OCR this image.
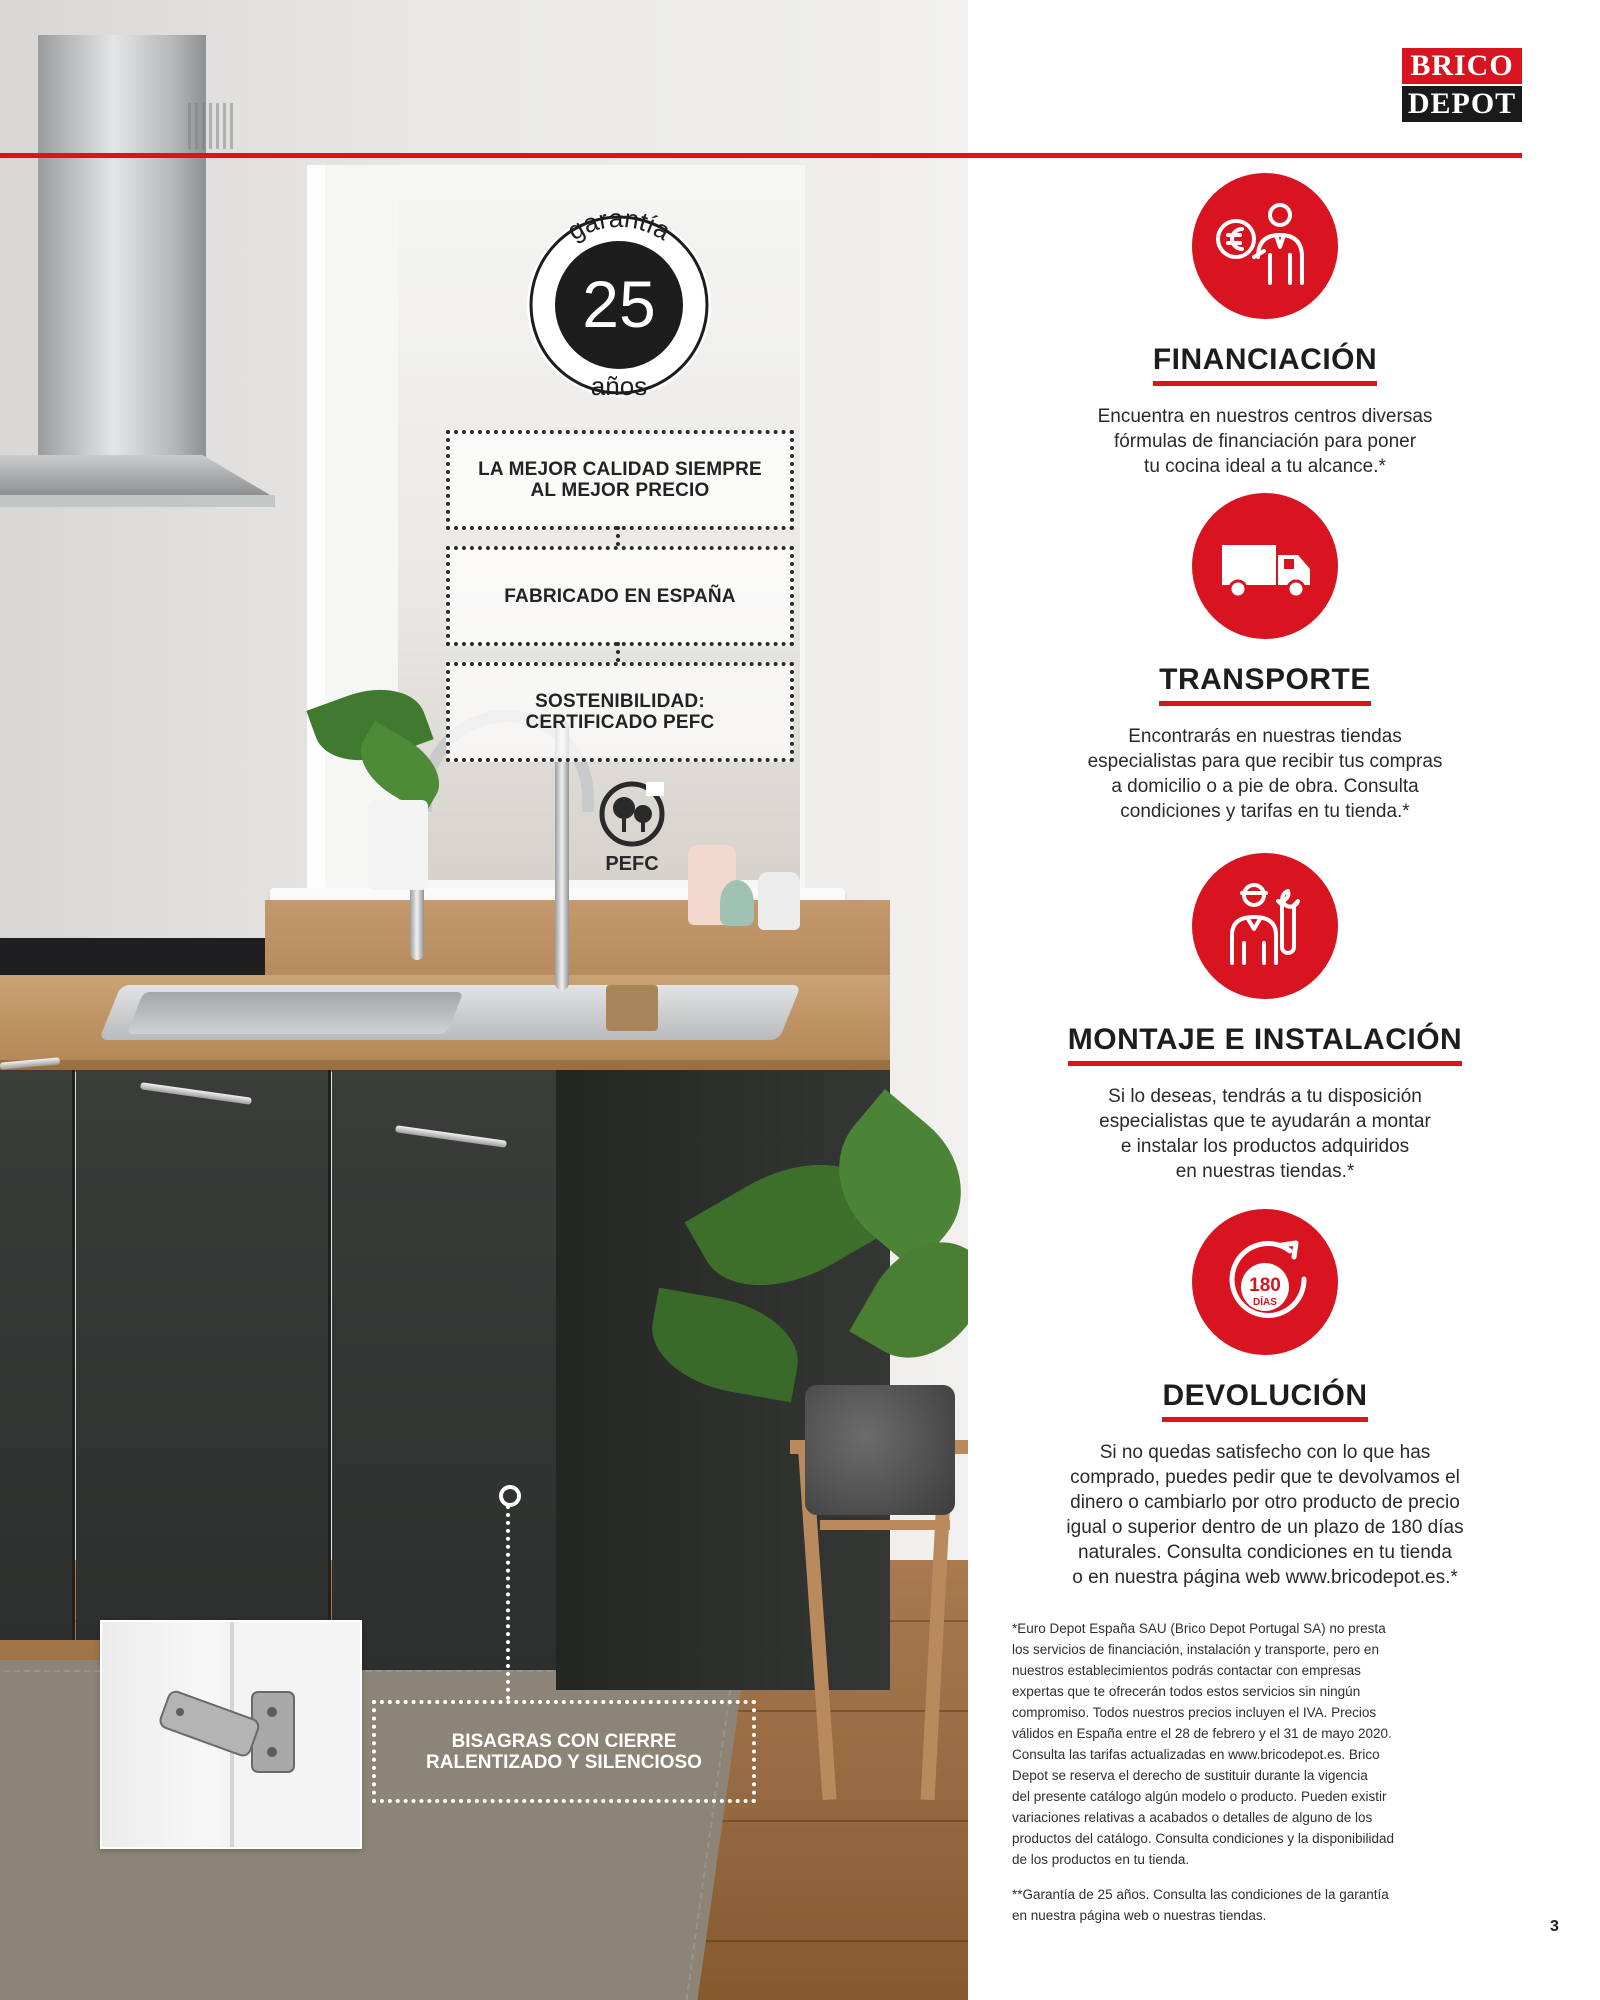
garantía
25
años
LA MEJOR CALIDAD SIEMPRE
AL MEJOR PRECIO
FABRICADO EN ESPAÑA
SOSTENIBILIDAD:
CERTIFICADO PEFC
PEFC
BISAGRAS CON CIERRE
RALENTIZADO Y SILENCIOSO
BRICO
DEPOT
FINANCIACIÓN

Encuentra en nuestros centros diversas
fórmulas de financiación para poner
tu cocina ideal a tu alcance.*

TRANSPORTE

Encontrarás en nuestras tiendas
especialistas para que recibir tus compras
a domicilio o a pie de obra. Consulta
condiciones y tarifas en tu tienda.*

MONTAJE E INSTALACIÓN

Si lo deseas, tendrás a tu disposición
especialistas que te ayudarán a montar
e instalar los productos adquiridos
en nuestras tiendas.*

180
DÍAS
DEVOLUCIÓN

Si no quedas satisfecho con lo que has
comprado, puedes pedir que te devolvamos el
dinero o cambiarlo por otro producto de precio
igual o superior dentro de un plazo de 180 días
naturales. Consulta condiciones en tu tienda
o en nuestra página web www.bricodepot.es.*

*Euro Depot España SAU (Brico Depot Portugal SA) no presta
los servicios de financiación, instalación y transporte, pero en
nuestros establecimientos podrás contactar con empresas
expertas que te ofrecerán todos estos servicios sin ningún
compromiso. Todos nuestros precios incluyen el IVA. Precios
válidos en España entre el 28 de febrero y el 31 de mayo 2020.
Consulta las tarifas actualizadas en www.bricodepot.es. Brico
Depot se reserva el derecho de sustituir durante la vigencia
del presente catálogo algún modelo o producto. Pueden existir
variaciones relativas a acabados o detalles de alguno de los
productos del catálogo. Consulta condiciones y la disponibilidad
de los productos en tu tienda.

**Garantía de 25 años. Consulta las condiciones de la garantía
en nuestra página web o nuestras tiendas.

3
